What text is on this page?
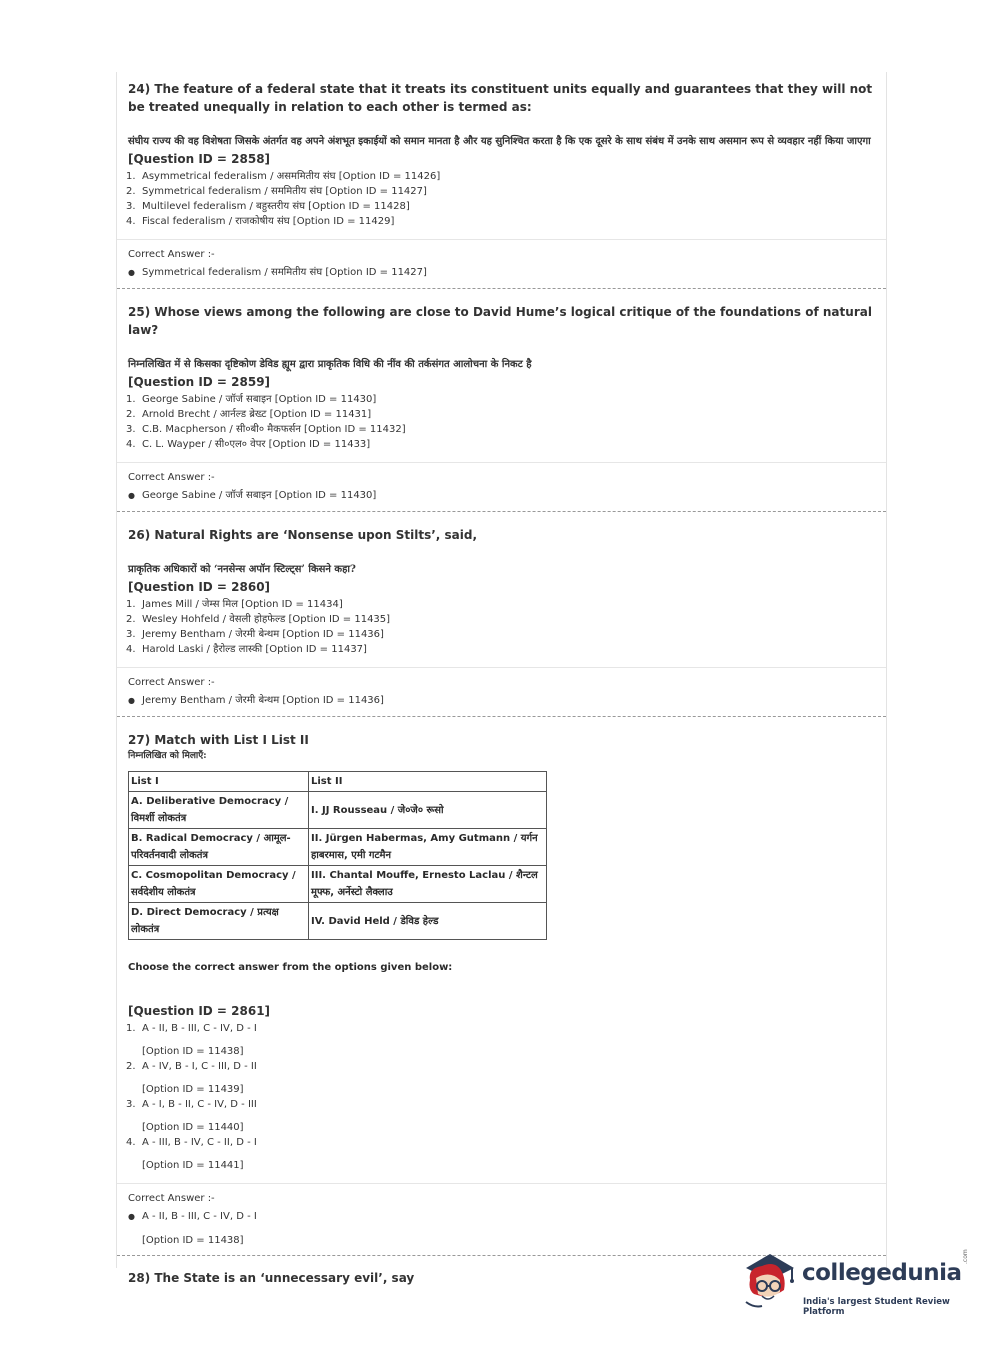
24) The feature of a federal state that it treats its constituent units equally and guarantees that they will not be treated unequally in relation to each other is termed as:
संघीय राज्य की वह विशेषता जिसके अंतर्गत वह अपने अंशभूत इकाईयों को समान मानता है और यह सुनिश्चित करता है कि एक दूसरे के साथ संबंध में उनके साथ असमान रूप से व्यवहार नहीं किया जाएगा
[Question ID = 2858]
1. Asymmetrical federalism / असममितीय संघ [Option ID = 11426]
2. Symmetrical federalism / सममितीय संघ [Option ID = 11427]
3. Multilevel federalism / बहुस्तरीय संघ [Option ID = 11428]
4. Fiscal federalism / राजकोषीय संघ [Option ID = 11429]
Correct Answer :-
● Symmetrical federalism / सममितीय संघ [Option ID = 11427]
25) Whose views among the following are close to David Hume’s logical critique of the foundations of natural law?
निम्नलिखित में से किसका दृष्टिकोण डेविड ह्यूम द्वारा प्राकृतिक विधि की नींव की तर्कसंगत आलोचना के निकट है
[Question ID = 2859]
1. George Sabine / जॉर्ज सबाइन [Option ID = 11430]
2. Arnold Brecht / आर्नल्ड ब्रेख्ट [Option ID = 11431]
3. C.B. Macpherson / सी०बी० मैकफर्सन [Option ID = 11432]
4. C. L. Wayper / सी०एल० वेपर [Option ID = 11433]
Correct Answer :-
● George Sabine / जॉर्ज सबाइन [Option ID = 11430]
26) Natural Rights are ‘Nonsense upon Stilts’, said,
प्राकृतिक अधिकारों को ‘ननसेन्स अपॉन स्टिल्ट्स’ किसने कहा?
[Question ID = 2860]
1. James Mill / जेम्स मिल [Option ID = 11434]
2. Wesley Hohfeld / वेसली होहफेल्ड [Option ID = 11435]
3. Jeremy Bentham / जेरमी बेन्थम [Option ID = 11436]
4. Harold Laski / हैरोल्ड लास्की [Option ID = 11437]
Correct Answer :-
● Jeremy Bentham / जेरमी बेन्थम [Option ID = 11436]
27) Match with List I List II
निम्नलिखित को मिलाएँ:
List I	List II
A. Deliberative Democracy / विमर्शी लोकतंत्र	I. JJ Rousseau / जे०जे० रूसो
B. Radical Democracy / आमूल-परिवर्तनवादी लोकतंत्र	II. Jürgen Habermas, Amy Gutmann / यर्गन हाबरमास, एमी गटमैन
C. Cosmopolitan Democracy / सर्वदेशीय लोकतंत्र	III. Chantal Mouffe, Ernesto Laclau / शैन्टल मूफ्फ, अर्नेस्टो लैक्लाउ
D. Direct Democracy / प्रत्यक्ष लोकतंत्र	IV. David Held / डेविड हेल्ड
Choose the correct answer from the options given below:
[Question ID = 2861]
1. A - II, B - III, C - IV, D - I
[Option ID = 11438]
2. A - IV, B - I, C - III, D - II
[Option ID = 11439]
3. A - I, B - II, C - IV, D - III
[Option ID = 11440]
4. A - III, B - IV, C - II, D - I
[Option ID = 11441]
Correct Answer :-
● A - II, B - III, C - IV, D - I
[Option ID = 11438]
28) The State is an ‘unnecessary evil’, say	collegedunia
.com
India's largest Student Review Platform
